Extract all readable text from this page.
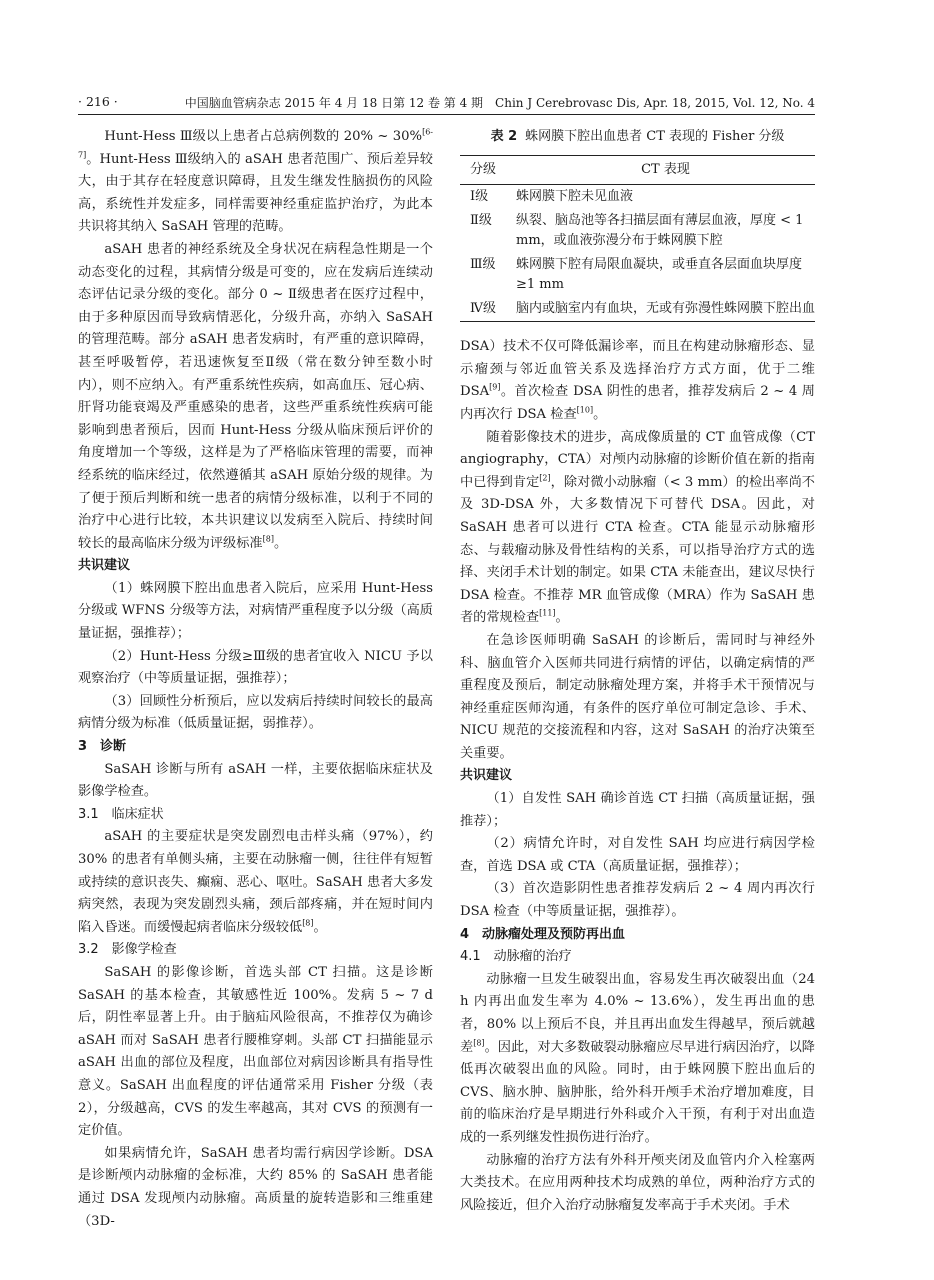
· 216 ·	中国脑血管病杂志 2015 年 4 月 18 日第 12 卷 第 4 期　Chin J Cerebrovasc Dis, Apr. 18, 2015, Vol. 12, No. 4

Hunt-Hess Ⅲ级以上患者占总病例数的 20% ~ 30%[6-7]。Hunt-Hess Ⅲ级纳入的 aSAH 患者范围广、预后差异较大，由于其存在轻度意识障碍，且发生继发性脑损伤的风险高，系统性并发症多，同样需要神经重症监护治疗，为此本共识将其纳入 SaSAH 管理的范畴。

aSAH 患者的神经系统及全身状况在病程急性期是一个动态变化的过程，其病情分级是可变的，应在发病后连续动态评估记录分级的变化。部分 0 ~ Ⅱ级患者在医疗过程中，由于多种原因而导致病情恶化，分级升高，亦纳入 SaSAH 的管理范畴。部分 aSAH 患者发病时，有严重的意识障碍，甚至呼吸暂停，若迅速恢复至Ⅱ级（常在数分钟至数小时内），则不应纳入。有严重系统性疾病，如高血压、冠心病、肝肾功能衰竭及严重感染的患者，这些严重系统性疾病可能影响到患者预后，因而 Hunt-Hess 分级从临床预后评价的角度增加一个等级，这样是为了严格临床管理的需要，而神经系统的临床经过，依然遵循其 aSAH 原始分级的规律。为了便于预后判断和统一患者的病情分级标准，以利于不同的治疗中心进行比较，本共识建议以发病至入院后、持续时间较长的最高临床分级为评级标准[8]。

共识建议

（1）蛛网膜下腔出血患者入院后，应采用 Hunt-Hess 分级或 WFNS 分级等方法，对病情严重程度予以分级（高质量证据，强推荐）；

（2）Hunt-Hess 分级≥Ⅲ级的患者宜收入 NICU 予以观察治疗（中等质量证据，强推荐）；

（3）回顾性分析预后，应以发病后持续时间较长的最高病情分级为标准（低质量证据，弱推荐）。

3　诊断

SaSAH 诊断与所有 aSAH 一样，主要依据临床症状及影像学检查。

3.1　临床症状

aSAH 的主要症状是突发剧烈电击样头痛（97%），约 30% 的患者有单侧头痛，主要在动脉瘤一侧，往往伴有短暂或持续的意识丧失、癫痫、恶心、呕吐。SaSAH 患者大多发病突然，表现为突发剧烈头痛，颈后部疼痛，并在短时间内陷入昏迷。而缓慢起病者临床分级较低[8]。

3.2　影像学检查

SaSAH 的影像诊断，首选头部 CT 扫描。这是诊断 SaSAH 的基本检查，其敏感性近 100%。发病 5 ~ 7 d 后，阴性率显著上升。由于脑疝风险很高，不推荐仅为确诊 aSAH 而对 SaSAH 患者行腰椎穿刺。头部 CT 扫描能显示 aSAH 出血的部位及程度，出血部位对病因诊断具有指导性意义。SaSAH 出血程度的评估通常采用 Fisher 分级（表 2），分级越高，CVS 的发生率越高，其对 CVS 的预测有一定价值。

如果病情允许，SaSAH 患者均需行病因学诊断。DSA 是诊断颅内动脉瘤的金标准，大约 85% 的 SaSAH 患者能通过 DSA 发现颅内动脉瘤。高质量的旋转造影和三维重建（3D-

表 2 蛛网膜下腔出血患者 CT 表现的 Fisher 分级
分级	CT 表现
Ⅰ级	蛛网膜下腔未见血液
Ⅱ级	纵裂、脑岛池等各扫描层面有薄层血液，厚度 < 1 mm，或血液弥漫分布于蛛网膜下腔
Ⅲ级	蛛网膜下腔有局限血凝块，或垂直各层面血块厚度≥1 mm
Ⅳ级	脑内或脑室内有血块，无或有弥漫性蛛网膜下腔出血

DSA）技术不仅可降低漏诊率，而且在构建动脉瘤形态、显示瘤颈与邻近血管关系及选择治疗方式方面，优于二维 DSA[9]。首次检查 DSA 阴性的患者，推荐发病后 2 ~ 4 周内再次行 DSA 检查[10]。

随着影像技术的进步，高成像质量的 CT 血管成像（CT angiography，CTA）对颅内动脉瘤的诊断价值在新的指南中已得到肯定[2]，除对微小动脉瘤（< 3 mm）的检出率尚不及 3D-DSA 外，大多数情况下可替代 DSA。因此，对 SaSAH 患者可以进行 CTA 检查。CTA 能显示动脉瘤形态、与载瘤动脉及骨性结构的关系，可以指导治疗方式的选择、夹闭手术计划的制定。如果 CTA 未能查出，建议尽快行 DSA 检查。不推荐 MR 血管成像（MRA）作为 SaSAH 患者的常规检查[11]。

在急诊医师明确 SaSAH 的诊断后，需同时与神经外科、脑血管介入医师共同进行病情的评估，以确定病情的严重程度及预后，制定动脉瘤处理方案，并将手术干预情况与神经重症医师沟通，有条件的医疗单位可制定急诊、手术、NICU 规范的交接流程和内容，这对 SaSAH 的治疗决策至关重要。

共识建议

（1）自发性 SAH 确诊首选 CT 扫描（高质量证据，强推荐）；

（2）病情允许时，对自发性 SAH 均应进行病因学检查，首选 DSA 或 CTA（高质量证据，强推荐）；

（3）首次造影阴性患者推荐发病后 2 ~ 4 周内再次行 DSA 检查（中等质量证据，强推荐）。

4　动脉瘤处理及预防再出血

4.1　动脉瘤的治疗

动脉瘤一旦发生破裂出血，容易发生再次破裂出血（24 h 内再出血发生率为 4.0% ~ 13.6%），发生再出血的患者，80% 以上预后不良，并且再出血发生得越早，预后就越差[8]。因此，对大多数破裂动脉瘤应尽早进行病因治疗，以降低再次破裂出血的风险。同时，由于蛛网膜下腔出血后的 CVS、脑水肿、脑肿胀，给外科开颅手术治疗增加难度，目前的临床治疗是早期进行外科或介入干预，有利于对出血造成的一系列继发性损伤进行治疗。

动脉瘤的治疗方法有外科开颅夹闭及血管内介入栓塞两大类技术。在应用两种技术均成熟的单位，两种治疗方式的风险接近，但介入治疗动脉瘤复发率高于手术夹闭。手术
